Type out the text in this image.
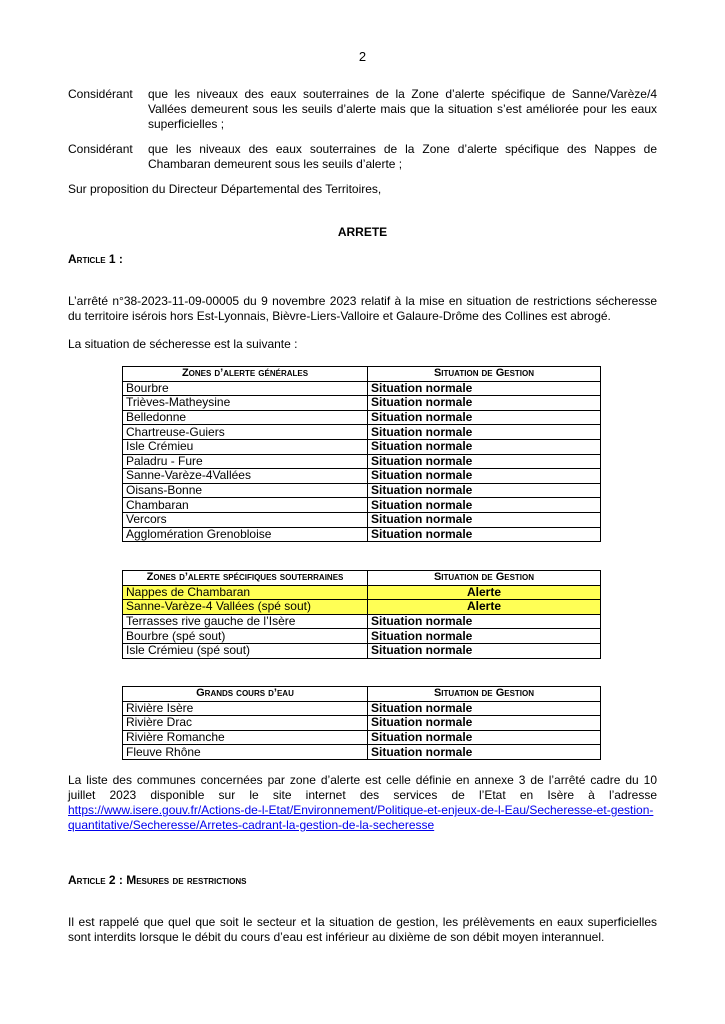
2
Considérant	que les niveaux des eaux souterraines de la Zone d’alerte spécifique de Sanne/Varèze/4 Vallées demeurent sous les seuils d’alerte mais que la situation s’est améliorée pour les eaux superficielles ;
Considérant	que les niveaux des eaux souterraines de la Zone d’alerte spécifique des Nappes de Chambaran demeurent sous les seuils d’alerte ;
Sur proposition du Directeur Départemental des Territoires,
ARRETE
Article 1 :
L’arrêté n°38-2023-11-09-00005 du 9 novembre 2023 relatif à la mise en situation de restrictions sécheresse du territoire isérois hors Est-Lyonnais, Bièvre-Liers-Valloire et Galaure-Drôme des Collines est abrogé.
La situation de sécheresse est la suivante :
Zones d’alerte générales	Situation de Gestion
Bourbre	Situation normale
Trièves-Matheysine	Situation normale
Belledonne	Situation normale
Chartreuse-Guiers	Situation normale
Isle Crémieu	Situation normale
Paladru - Fure	Situation normale
Sanne-Varèze-4Vallées	Situation normale
Oisans-Bonne	Situation normale
Chambaran	Situation normale
Vercors	Situation normale
Agglomération Grenobloise	Situation normale
Zones d’alerte spécifiques souterraines	Situation de Gestion
Nappes de Chambaran	Alerte
Sanne-Varèze-4 Vallées (spé sout)	Alerte
Terrasses rive gauche de l’Isère	Situation normale
Bourbre (spé sout)	Situation normale
Isle Crémieu (spé sout)	Situation normale
Grands cours d’eau	Situation de Gestion
Rivière Isère	Situation normale
Rivière Drac	Situation normale
Rivière Romanche	Situation normale
Fleuve Rhône	Situation normale
La liste des communes concernées par zone d’alerte est celle définie en annexe 3 de l’arrêté cadre du 10 juillet 2023 disponible sur le site internet des services de l’Etat en Isère à l’adresse https://www.isere.gouv.fr/Actions-de-l-Etat/Environnement/Politique-et-enjeux-de-l-Eau/Secheresse-et-gestion-quantitative/Secheresse/Arretes-cadrant-la-gestion-de-la-secheresse
Article 2 : Mesures de restrictions
Il est rappelé que quel que soit le secteur et la situation de gestion, les prélèvements en eaux superficielles sont interdits lorsque le débit du cours d’eau est inférieur au dixième de son débit moyen interannuel.
